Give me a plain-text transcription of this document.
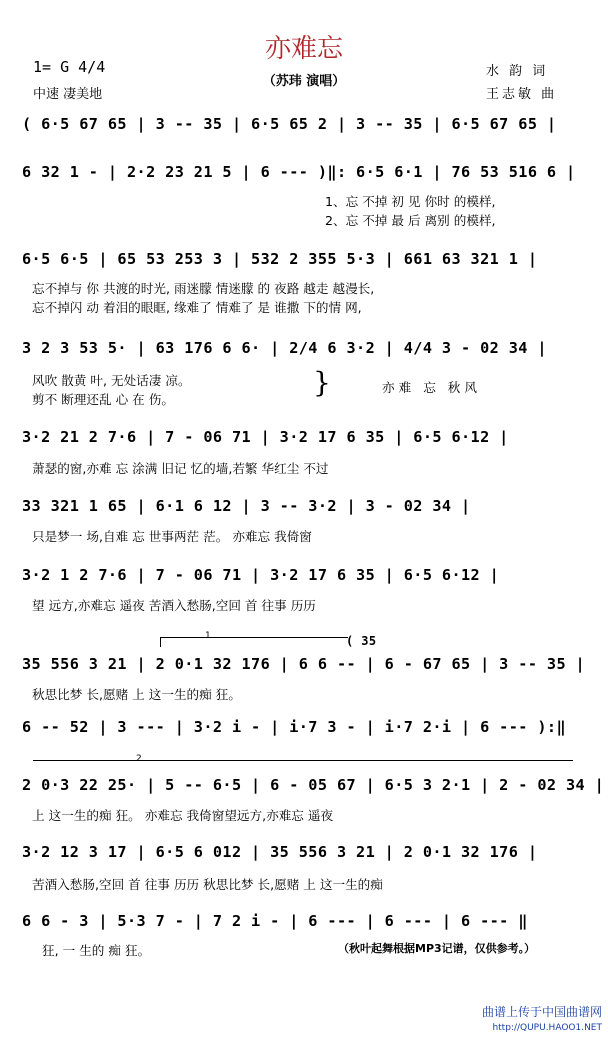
亦难忘
（苏玮 演唱）
1= G 4/4
中速 凄美地
水 韵 词
王志敏 曲
( 6·5 67 65 | 3 -- 35 | 6·5 65 2 | 3 -- 35 | 6·5 67 65 |
6 32 1 - | 2·2 23 21 5 | 6 --- )‖: 6·5 6·1 | 76 53 516 6 |
1、忘 不掉 初 见 你时 的模样,
2、忘 不掉 最 后 离别 的模样,
6·5 6·5 | 65 53 253 3 | 532 2 355 5·3 | 661 63 321 1 |
忘不掉与 你 共渡的时光, 雨迷朦 情迷朦 的 夜路 越走 越漫长,
忘不掉闪 动 着泪的眼眶, 缘难了 情难了 是 谁撒 下的情 网,
3 2 3 53 5· | 63 176 6 6· | 2/4 6 3·2 | 4/4 3 - 02 34 |
风吹 散黄 叶, 无处话凄 凉。
剪不 断理还乱 心 在 伤。
}	亦难 忘 秋风
3·2 21 2 7·6 | 7 - 06 71 | 3·2 17 6 35 | 6·5 6·12 |
萧瑟的窗,亦难 忘 涂满 旧记 忆的墙,若繁 华红尘 不过
33 321 1 65 | 6·1 6 12 | 3 -- 3·2 | 3 - 02 34 |
只是梦一 场,自难 忘 世事两茫 茫。 亦难忘 我倚窗
3·2 1 2 7·6 | 7 - 06 71 | 3·2 17 6 35 | 6·5 6·12 |
望 远方,亦难忘 遥夜 苦酒入愁肠,空回 首 往事 历历
1	( 35
35 556 3 21 | 2 0·1 32 176 | 6 6 -- | 6 - 67 65 | 3 -- 35 |
秋思比梦 长,愿赌 上 这一生的痴 狂。
6 -- 52 | 3 --- | 3·2 i - | i·7 3 - | i·7 2·i | 6 --- ):‖
2
2 0·3 22 25· | 5 -- 6·5 | 6 - 05 67 | 6·5 3 2·1 | 2 - 02 34 |
上 这一生的痴 狂。 亦难忘 我倚窗望远方,亦难忘 遥夜
3·2 12 3 17 | 6·5 6 012 | 35 556 3 21 | 2 0·1 32 176 |
苦酒入愁肠,空回 首 往事 历历 秋思比梦 长,愿赌 上 这一生的痴
6 6 - 3 | 5·3 7 - | 7 2 i - | 6 --- | 6 --- | 6 --- ‖
狂, 一 生的 痴 狂。	（秋叶起舞根据MP3记谱，仅供参考。）
曲谱上传于中国曲谱网
http://QUPU.HAOO1.NET
